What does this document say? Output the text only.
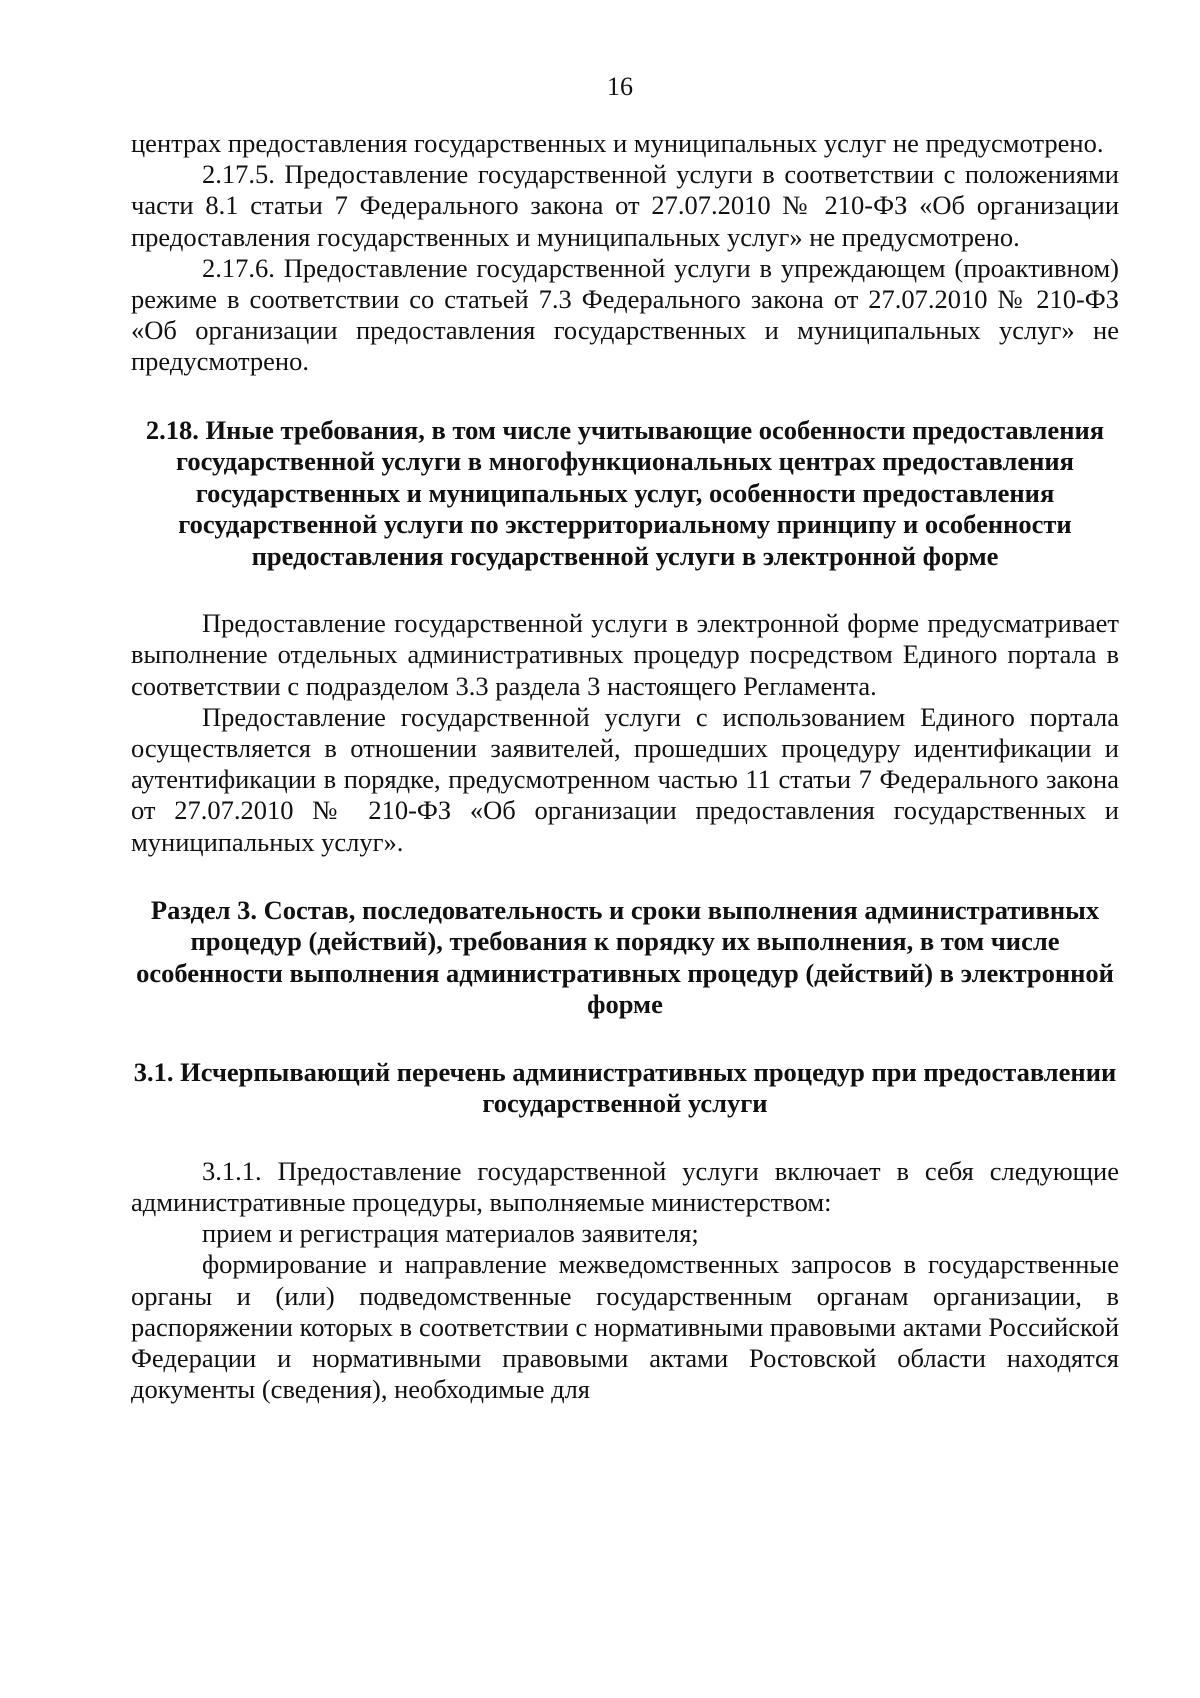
16

центрах предоставления государственных и муниципальных услуг не предусмотрено.

2.17.5. Предоставление государственной услуги в соответствии с положениями части 8.1 статьи 7 Федерального закона от 27.07.2010 № 210-ФЗ «Об организации предоставления государственных и муниципальных услуг» не предусмотрено.

2.17.6. Предоставление государственной услуги в упреждающем (проактивном) режиме в соответствии со статьей 7.3 Федерального закона от 27.07.2010 № 210-ФЗ «Об организации предоставления государственных и муниципальных услуг» не предусмотрено.

2.18. Иные требования, в том числе учитывающие особенности предоставления государственной услуги в многофункциональных центрах предоставления государственных и муниципальных услуг, особенности предоставления государственной услуги по экстерриториальному принципу и особенности предоставления государственной услуги в электронной форме

Предоставление государственной услуги в электронной форме предусматривает выполнение отдельных административных процедур посредством Единого портала в соответствии с подразделом 3.3 раздела 3 настоящего Регламента.

Предоставление государственной услуги с использованием Единого портала осуществляется в отношении заявителей, прошедших процедуру идентификации и аутентификации в порядке, предусмотренном частью 11 статьи 7 Федерального закона от 27.07.2010 № 210-ФЗ «Об организации предоставления государственных и муниципальных услуг».

Раздел 3. Состав, последовательность и сроки выполнения административных процедур (действий), требования к порядку их выполнения, в том числе особенности выполнения административных процедур (действий) в электронной форме
3.1. Исчерпывающий перечень административных процедур при предоставлении государственной услуги

3.1.1. Предоставление государственной услуги включает в себя следующие административные процедуры, выполняемые министерством:

прием и регистрация материалов заявителя;

формирование и направление межведомственных запросов в государственные органы и (или) подведомственные государственным органам организации, в распоряжении которых в соответствии с нормативными правовыми актами Российской Федерации и нормативными правовыми актами Ростовской области находятся документы (сведения), необходимые для
